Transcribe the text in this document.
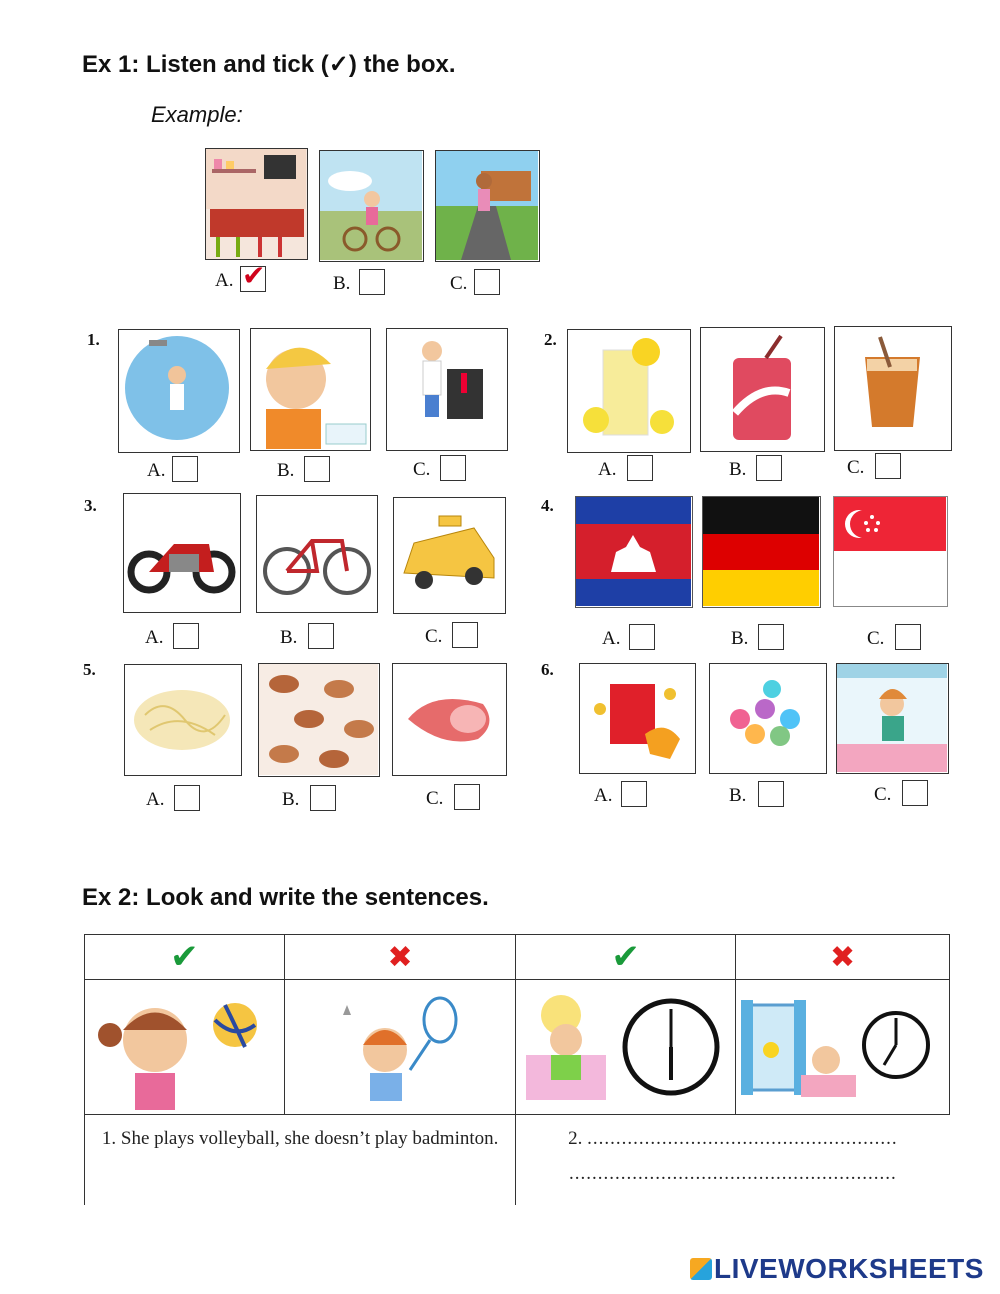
Ex 1: Listen and tick (✓) the box.
Example:
A. ✔	B.	C.
1.
A.	B.	C.
2.
A.	B.	C.
3.
A.	B.	C.
4.
A.	B.	C.
5.
A.	B.	C.
6.
A.	B.	C.
Ex 2: Look and write the sentences.
✔	✖	✔	✖

1. She plays volleyball, she doesn’t play badminton.		2. ......................................................
.........................................................	
LIVEWORKSHEETS
